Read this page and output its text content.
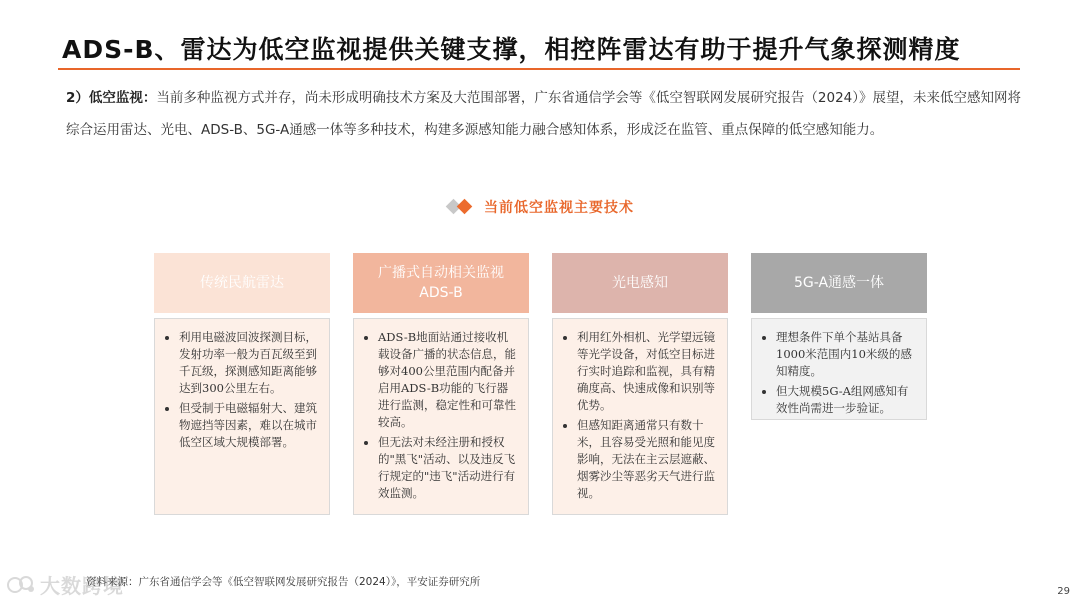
ADS-B、雷达为低空监视提供关键支撑，相控阵雷达有助于提升气象探测精度

2）低空监视：当前多种监视方式并存，尚未形成明确技术方案及大范围部署，广东省通信学会等《低空智联网发展研究报告（2024）》展望，未来低空感知网将综合运用雷达、光电、ADS-B、5G-A通感一体等多种技术，构建多源感知能力融合感知体系，形成泛在监管、重点保障的低空感知能力。

当前低空监视主要技术
传统民航雷达
• 利用电磁波回波探测目标，发射功率一般为百瓦级至到千瓦级，探测感知距离能够达到300公里左右。
• 但受制于电磁辐射大、建筑物遮挡等因素，难以在城市低空区域大规模部署。
广播式自动相关监视ADS-B
• ADS-B地面站通过接收机载设备广播的状态信息，能够对400公里范围内配备并启用ADS-B功能的飞行器进行监测，稳定性和可靠性较高。
• 但无法对未经注册和授权的"黑飞"活动、以及违反飞行规定的"违飞"活动进行有效监测。
光电感知
• 利用红外相机、光学望远镜等光学设备，对低空目标进行实时追踪和监视，具有精确度高、快速成像和识别等优势。
• 但感知距离通常只有数十米，且容易受光照和能见度影响，无法在主云层遮蔽、烟雾沙尘等恶劣天气进行监视。
5G-A通感一体
• 理想条件下单个基站具备1000米范围内10米级的感知精度。
• 但大规模5G-A组网感知有效性尚需进一步验证。
大数跨境
资料来源：广东省通信学会等《低空智联网发展研究报告（2024）》，平安证券研究所
29
